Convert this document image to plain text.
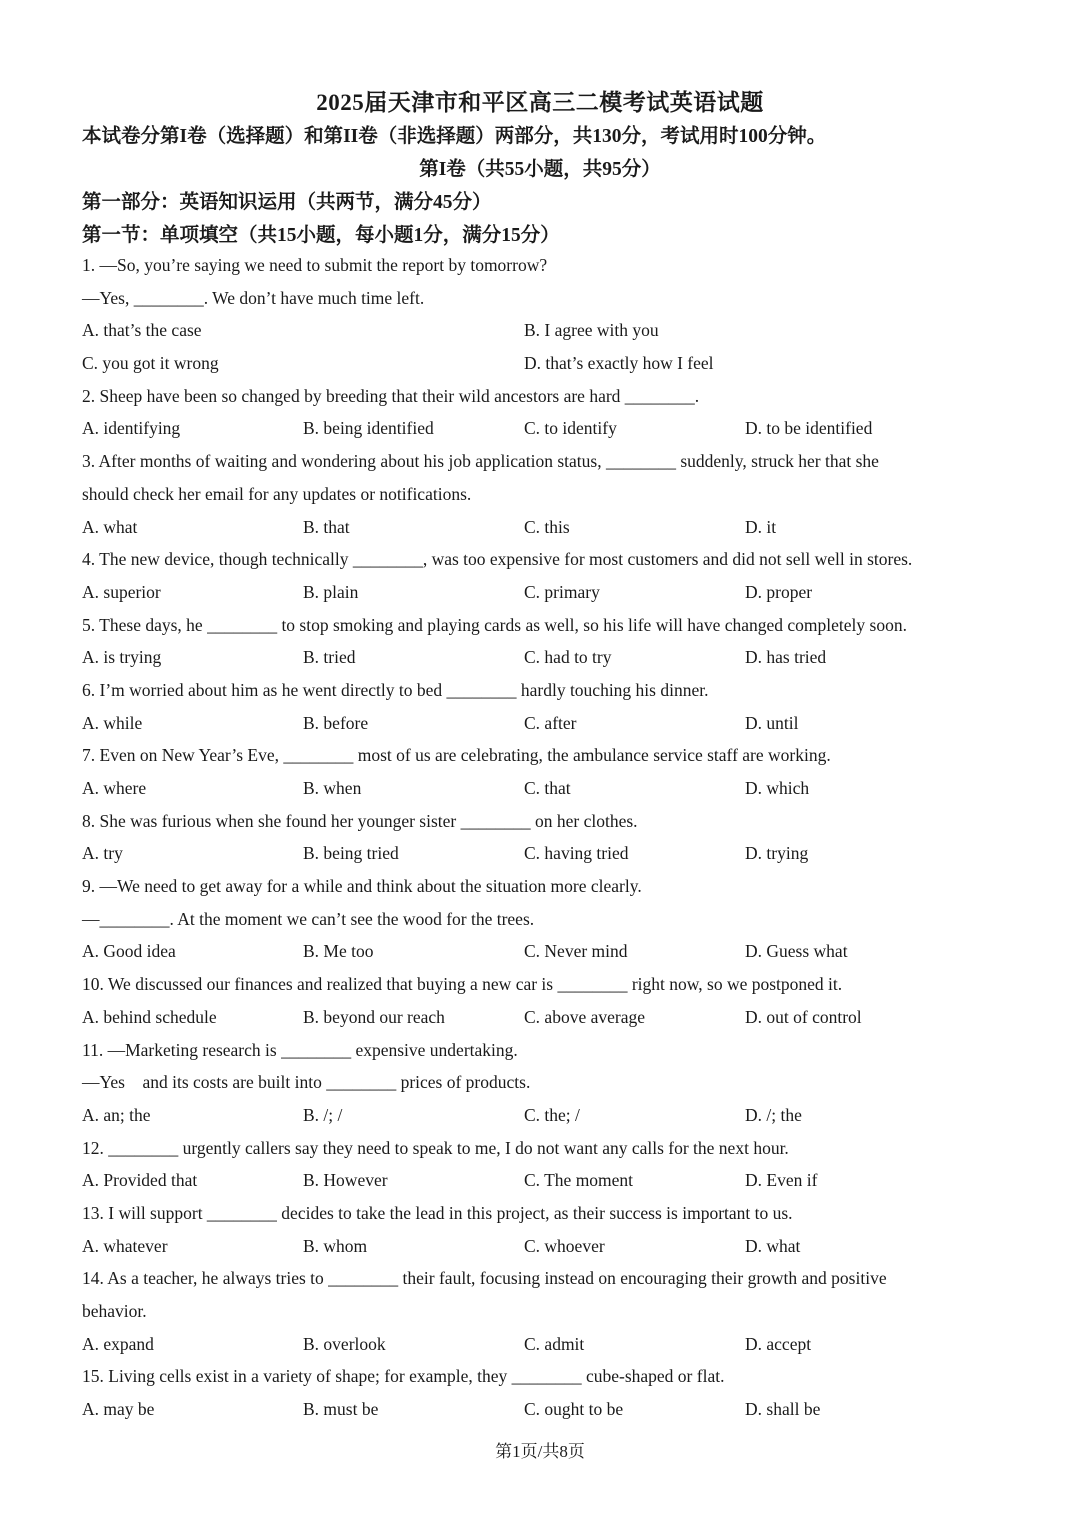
2025届天津市和平区高三二模考试英语试题
本试卷分第I卷（选择题）和第II卷（非选择题）两部分，共130分，考试用时100分钟。
第I卷（共55小题，共95分）
第一部分：英语知识运用（共两节，满分45分）
第一节：单项填空（共15小题，每小题1分，满分15分）
1. —So, you’re saying we need to submit the report by tomorrow?
—Yes, ________. We don’t have much time left.
A. that’s the case	B. I agree with you
C. you got it wrong	D. that’s exactly how I feel
2. Sheep have been so changed by breeding that their wild ancestors are hard ________.
A. identifying	B. being identified	C. to identify	D. to be identified
3. After months of waiting and wondering about his job application status, ________ suddenly, struck her that she
should check her email for any updates or notifications.
A. what	B. that	C. this	D. it
4. The new device, though technically ________, was too expensive for most customers and did not sell well in stores.
A. superior	B. plain	C. primary	D. proper
5. These days, he ________ to stop smoking and playing cards as well, so his life will have changed completely soon.
A. is trying	B. tried	C. had to try	D. has tried
6. I’m worried about him as he went directly to bed ________ hardly touching his dinner.
A. while	B. before	C. after	D. until
7. Even on New Year’s Eve, ________ most of us are celebrating, the ambulance service staff are working.
A. where	B. when	C. that	D. which
8. She was furious when she found her younger sister ________ on her clothes.
A. try	B. being tried	C. having tried	D. trying
9. —We need to get away for a while and think about the situation more clearly.
—________. At the moment we can’t see the wood for the trees.
A. Good idea	B. Me too	C. Never mind	D. Guess what
10. We discussed our finances and realized that buying a new car is ________ right now, so we postponed it.
A. behind schedule	B. beyond our reach	C. above average	D. out of control
11. —Marketing research is ________ expensive undertaking.
—Yes　and its costs are built into ________ prices of products.
A. an; the	B. /; /	C. the; /	D. /; the
12. ________ urgently callers say they need to speak to me, I do not want any calls for the next hour.
A. Provided that	B. However	C. The moment	D. Even if
13. I will support ________ decides to take the lead in this project, as their success is important to us.
A. whatever	B. whom	C. whoever	D. what
14. As a teacher, he always tries to ________ their fault, focusing instead on encouraging their growth and positive
behavior.
A. expand	B. overlook	C. admit	D. accept
15. Living cells exist in a variety of shape; for example, they ________ cube-shaped or flat.
A. may be	B. must be	C. ought to be	D. shall be
第1页/共8页
